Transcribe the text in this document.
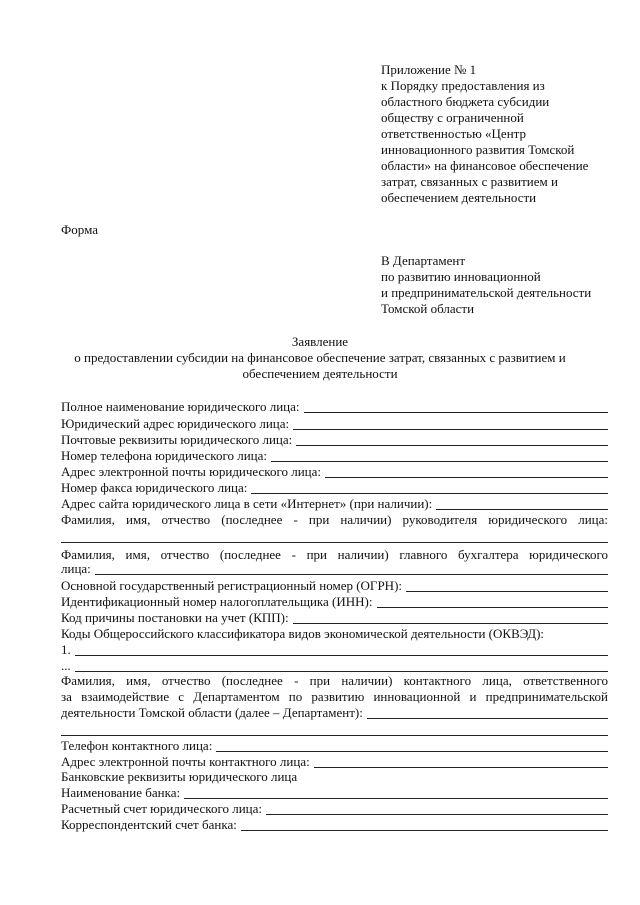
Приложение № 1
к Порядку предоставления из
областного бюджета субсидии
обществу с ограниченной
ответственностью «Центр
инновационного развития Томской
области» на финансовое обеспечение
затрат, связанных с развитием и
обеспечением деятельности
Форма
В Департамент
по развитию инновационной
и предпринимательской деятельности
Томской области
Заявление
о предоставлении субсидии на финансовое обеспечение затрат, связанных с развитием и
обеспечением деятельности
Полное наименование юридического лица:
Юридический адрес юридического лица:
Почтовые реквизиты юридического лица:
Номер телефона юридического лица:
Адрес электронной почты юридического лица:
Номер факса юридического лица:
Адрес сайта юридического лица в сети «Интернет» (при наличии):
Фамилия, имя, отчество (последнее - при наличии) руководителя юридического лица:
Фамилия, имя, отчество (последнее - при наличии) главного бухгалтера юридического
лица:
Основной государственный регистрационный номер (ОГРН):
Идентификационный номер налогоплательщика (ИНН):
Код причины постановки на учет (КПП):
Коды Общероссийского классификатора видов экономической деятельности (ОКВЭД):
1.
...
Фамилия, имя, отчество (последнее - при наличии) контактного лица, ответственного
за взаимодействие с Департаментом по развитию инновационной и предпринимательской
деятельности Томской области (далее – Департамент):
Телефон контактного лица:
Адрес электронной почты контактного лица:
Банковские реквизиты юридического лица
Наименование банка:
Расчетный счет юридического лица:
Корреспондентский счет банка:
